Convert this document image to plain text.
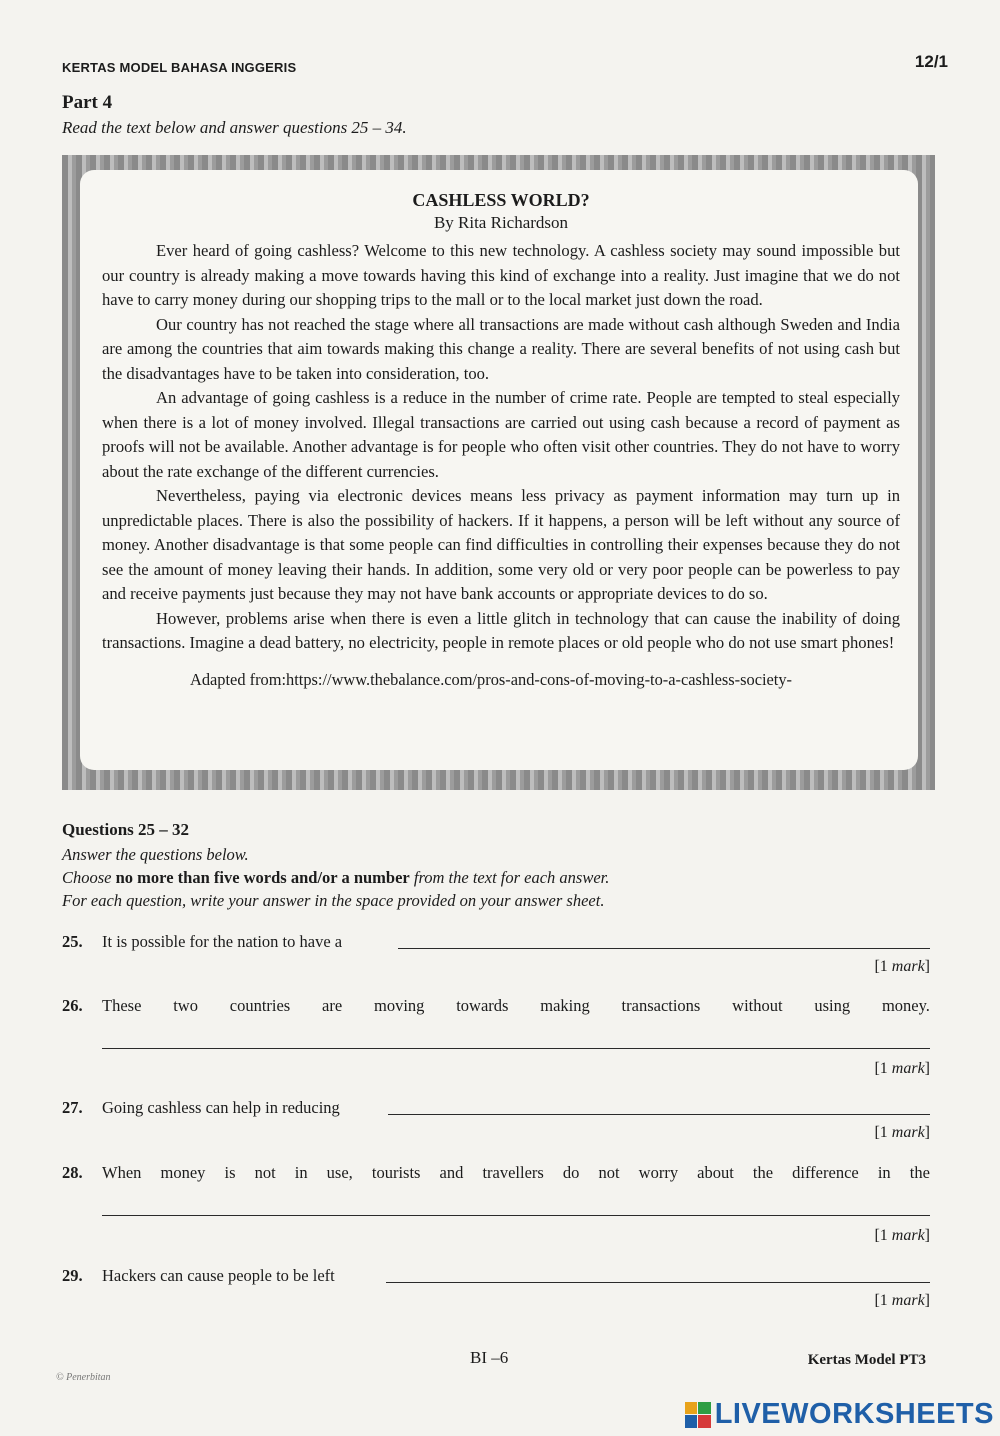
KERTAS MODEL BAHASA INGGERIS	12/1
Part 4
Read the text below and answer questions 25 – 34.

CASHLESS WORLD?

By Rita Richardson

Ever heard of going cashless? Welcome to this new technology. A cashless society may sound impossible but our country is already making a move towards having this kind of exchange into a reality. Just imagine that we do not have to carry money during our shopping trips to the mall or to the local market just down the road.

Our country has not reached the stage where all transactions are made without cash although Sweden and India are among the countries that aim towards making this change a reality. There are several benefits of not using cash but the disadvantages have to be taken into consideration, too.

An advantage of going cashless is a reduce in the number of crime rate. People are tempted to steal especially when there is a lot of money involved. Illegal transactions are carried out using cash because a record of payment as proofs will not be available. Another advantage is for people who often visit other countries. They do not have to worry about the rate exchange of the different currencies.

Nevertheless, paying via electronic devices means less privacy as payment information may turn up in unpredictable places. There is also the possibility of hackers. If it happens, a person will be left without any source of money. Another disadvantage is that some people can find difficulties in controlling their expenses because they do not see the amount of money leaving their hands. In addition, some very old or very poor people can be powerless to pay and receive payments just because they may not have bank accounts or appropriate devices to do so.

However, problems arise when there is even a little glitch in technology that can cause the inability of doing transactions. Imagine a dead battery, no electricity, people in remote places or old people who do not use smart phones!

Adapted from:https://www.thebalance.com/pros-and-cons-of-moving-to-a-cashless-society-

Questions 25 – 32
Answer the questions below.
Choose no more than five words and/or a number from the text for each answer.
For each question, write your answer in the space provided on your answer sheet.
25. It is possible for the nation to have a
[1 mark]
26. These two countries are moving towards making transactions without using money.
[1 mark]
27. Going cashless can help in reducing
[1 mark]
28. When money is not in use, tourists and travellers do not worry about the difference in the
[1 mark]
29. Hackers can cause people to be left
[1 mark]
BI –6	Kertas Model PT3
© Penerbitan
LIVEWORKSHEETS
